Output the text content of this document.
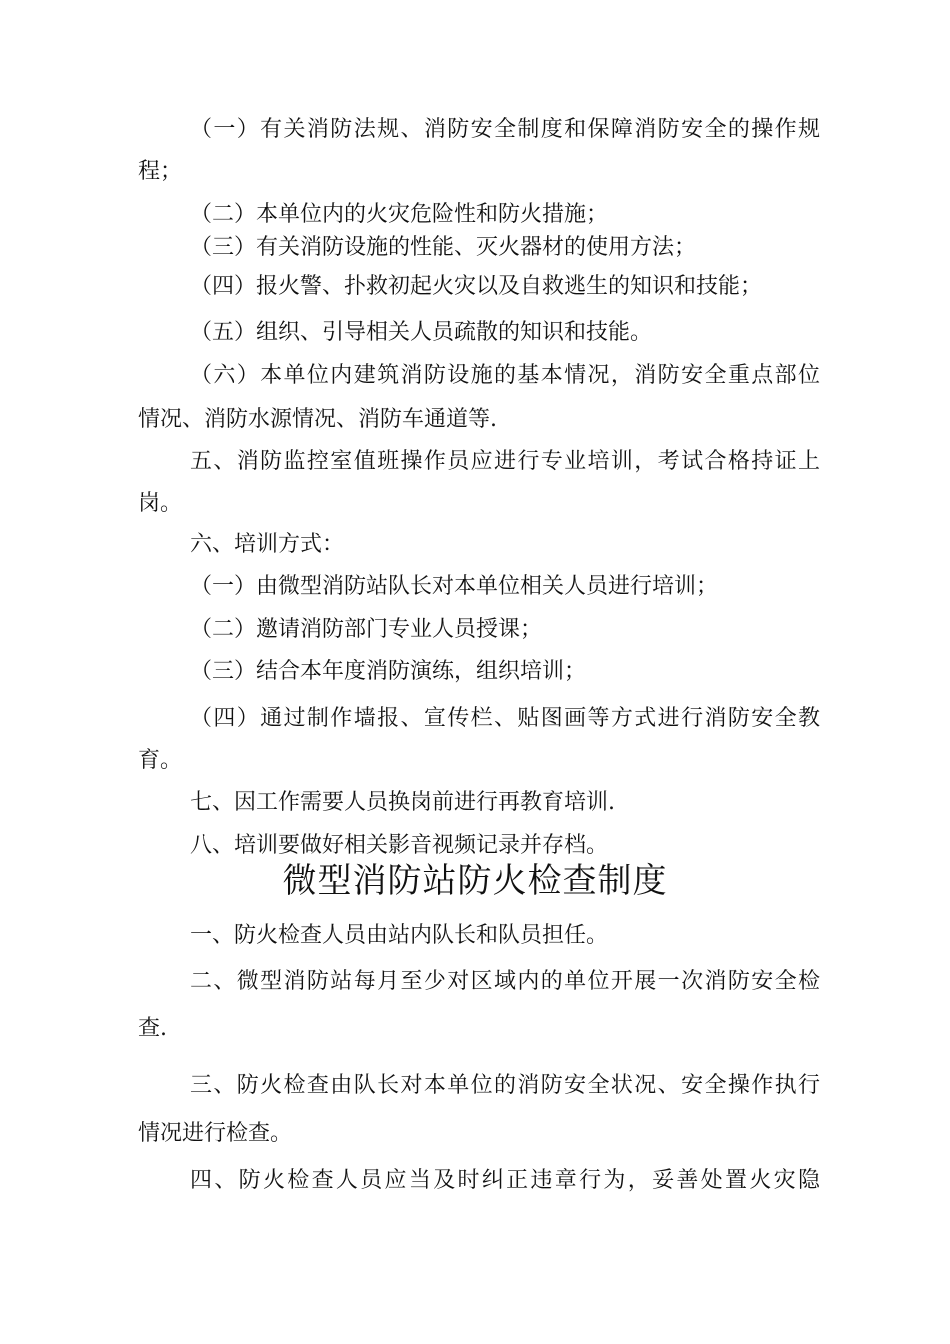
（一）有关消防法规、消防安全制度和保障消防安全的操作规

程；

（二）本单位内的火灾危险性和防火措施；

（三）有关消防设施的性能、灭火器材的使用方法；

（四）报火警、扑救初起火灾以及自救逃生的知识和技能；

（五）组织、引导相关人员疏散的知识和技能。

（六）本单位内建筑消防设施的基本情况，消防安全重点部位

情况、消防水源情况、消防车通道等.

五、消防监控室值班操作员应进行专业培训，考试合格持证上

岗。

六、培训方式：

（一）由微型消防站队长对本单位相关人员进行培训；

（二）邀请消防部门专业人员授课；

（三）结合本年度消防演练，组织培训；

（四）通过制作墙报、宣传栏、贴图画等方式进行消防安全教

育。

七、因工作需要人员换岗前进行再教育培训.

八、培训要做好相关影音视频记录并存档。

微型消防站防火检查制度

一、防火检查人员由站内队长和队员担任。

二、微型消防站每月至少对区域内的单位开展一次消防安全检

查.

三、防火检查由队长对本单位的消防安全状况、安全操作执行

情况进行检查。

四、防火检查人员应当及时纠正违章行为，妥善处置火灾隐
